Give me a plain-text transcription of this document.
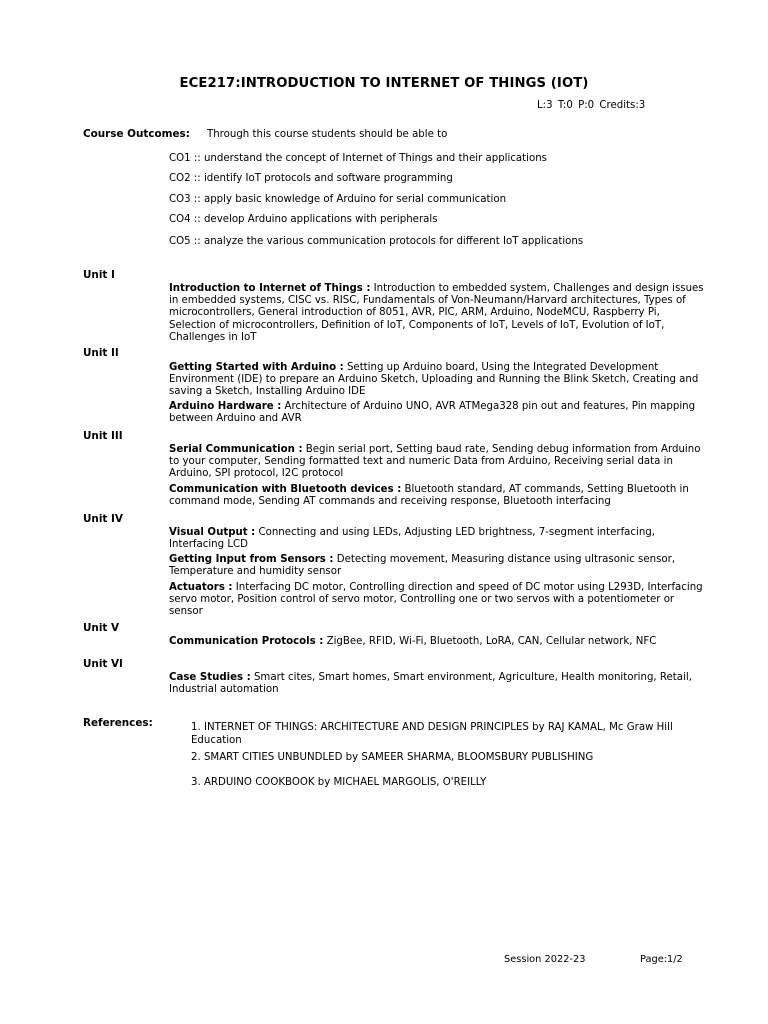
ECE217:INTRODUCTION TO INTERNET OF THINGS (IOT)
L:3 T:0 P:0 Credits:3
Course Outcomes: Through this course students should be able to
CO1 :: understand the concept of Internet of Things and their applications
CO2 :: identify IoT protocols and software programming
CO3 :: apply basic knowledge of Arduino for serial communication
CO4 :: develop Arduino applications with peripherals
CO5 :: analyze the various communication protocols for different IoT applications
Unit I
Introduction to Internet of Things : Introduction to embedded system, Challenges and design issues in embedded systems, CISC vs. RISC, Fundamentals of Von-Neumann/Harvard architectures, Types of microcontrollers, General introduction of 8051, AVR, PIC, ARM, Arduino, NodeMCU, Raspberry Pi, Selection of microcontrollers, Definition of IoT, Components of IoT, Levels of IoT, Evolution of IoT, Challenges in IoT
Unit II
Getting Started with Arduino : Setting up Arduino board, Using the Integrated Development Environment (IDE) to prepare an Arduino Sketch, Uploading and Running the Blink Sketch, Creating and saving a Sketch, Installing Arduino IDE
Arduino Hardware : Architecture of Arduino UNO, AVR ATMega328 pin out and features, Pin mapping between Arduino and AVR
Unit III
Serial Communication : Begin serial port, Setting baud rate, Sending debug information from Arduino to your computer, Sending formatted text and numeric Data from Arduino, Receiving serial data in Arduino, SPI protocol, I2C protocol
Communication with Bluetooth devices : Bluetooth standard, AT commands, Setting Bluetooth in command mode, Sending AT commands and receiving response, Bluetooth interfacing
Unit IV
Visual Output : Connecting and using LEDs, Adjusting LED brightness, 7-segment interfacing, Interfacing LCD
Getting Input from Sensors : Detecting movement, Measuring distance using ultrasonic sensor, Temperature and humidity sensor
Actuators : Interfacing DC motor, Controlling direction and speed of DC motor using L293D, Interfacing servo motor, Position control of servo motor, Controlling one or two servos with a potentiometer or sensor
Unit V
Communication Protocols : ZigBee, RFID, Wi-Fi, Bluetooth, LoRA, CAN, Cellular network, NFC
Unit VI
Case Studies : Smart cites, Smart homes, Smart environment, Agriculture, Health monitoring, Retail, Industrial automation
References:	1. INTERNET OF THINGS: ARCHITECTURE AND DESIGN PRINCIPLES by RAJ KAMAL, Mc Graw Hill Education
2. SMART CITIES UNBUNDLED by SAMEER SHARMA, BLOOMSBURY PUBLISHING
3. ARDUINO COOKBOOK by MICHAEL MARGOLIS, O'REILLY
Session 2022-23	Page:1/2
